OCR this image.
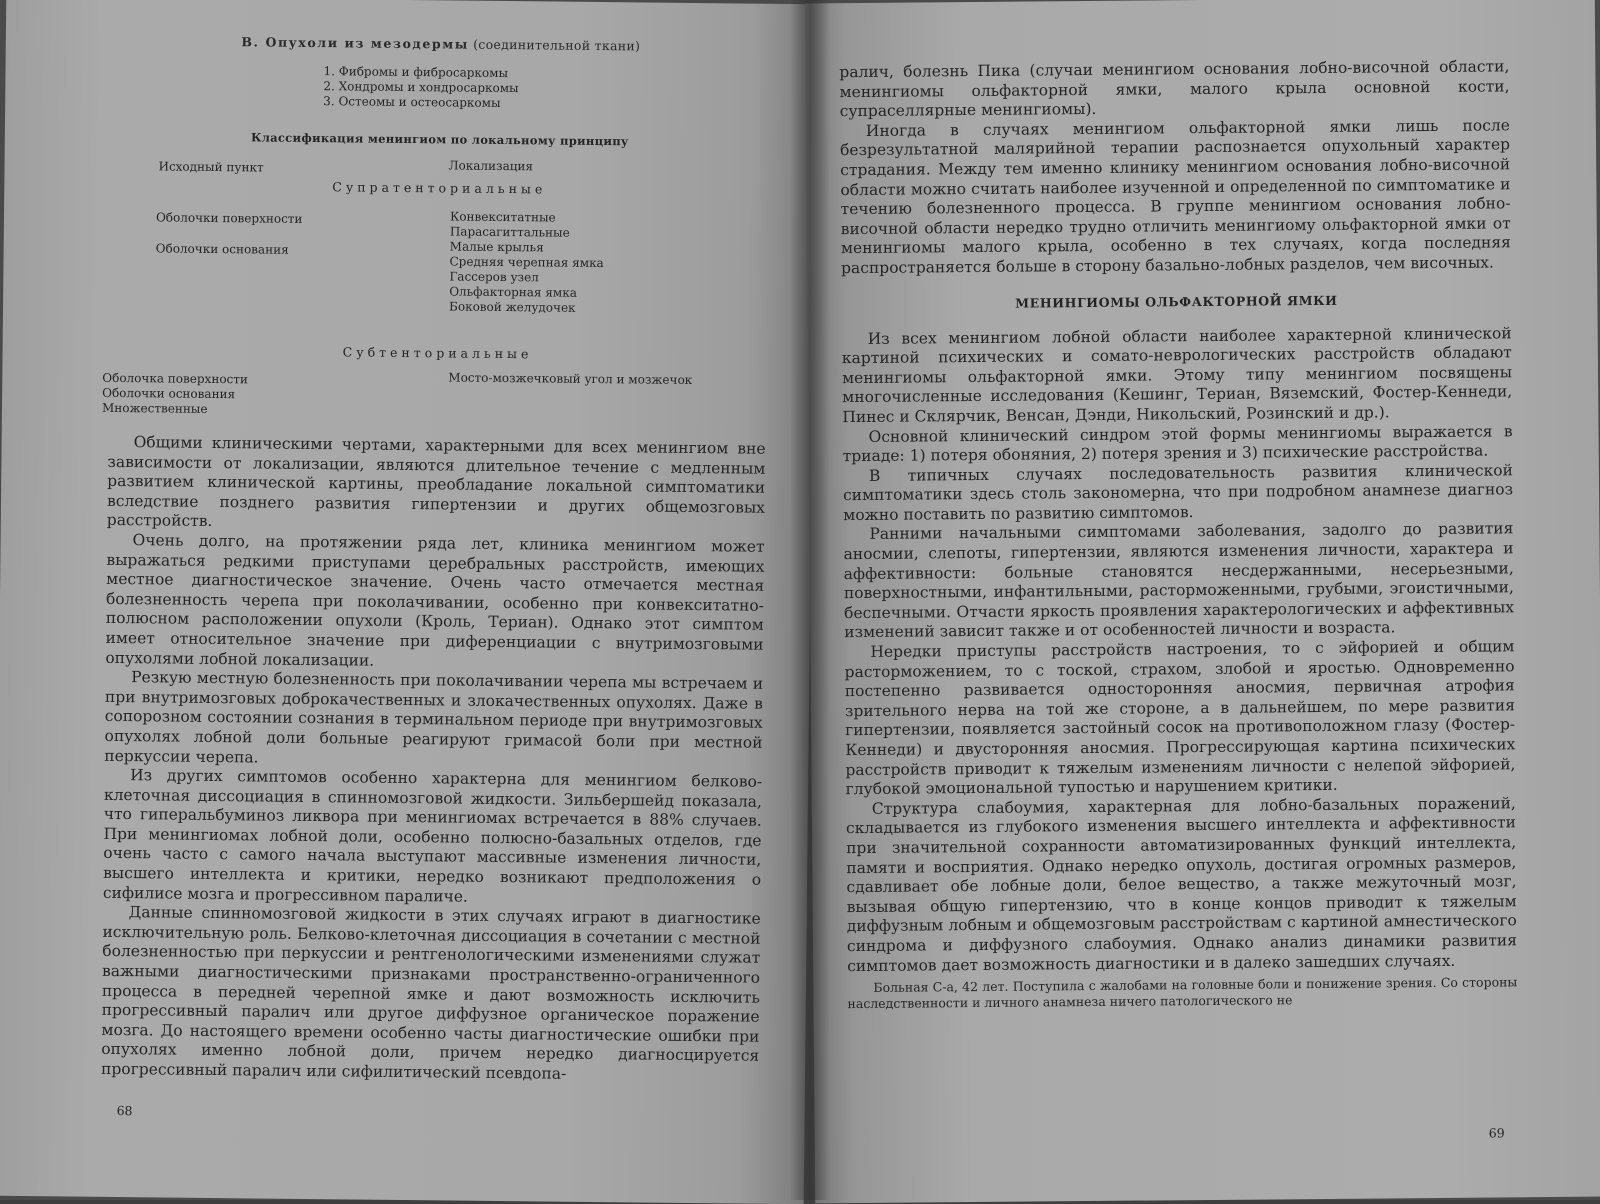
В. Опухоли из мезодермы (соединительной ткани)
1. Фибромы и фибросаркомы
2. Хондромы и хондросаркомы
3. Остеомы и остеосаркомы
Классификация менингиом по локальному принципу
Исходный пункт	Локализация
Супратенториальные
Оболочки поверхности
Оболочки основания
Конвекситатные
Парасагиттальные
Малые крылья
Средняя черепная ямка
Гассеров узел
Ольфакторная ямка
Боковой желудочек
Субтенториальные
Оболочка поверхности
Оболочки основания
Множественные
Мосто-мозжечковый угол и мозжечок

Общими клиническими чертами, характерными для всех менингиом вне зависимости от локализации, являются длительное течение с медленным развитием клинической картины, преобладание локальной симптоматики вследствие позднего развития гипертензии и других общемозговых расстройств.

Очень долго, на протяжении ряда лет, клиника менингиом может выражаться редкими приступами церебральных расстройств, имеющих местное диагностическое значение. Очень часто отмечается местная болезненность черепа при поколачивании, особенно при конвекситатно-полюсном расположении опухоли (Кроль, Териан). Однако этот симптом имеет относительное значение при диференциации с внутримозговыми опухолями лобной локализации.

Резкую местную болезненность при поколачивании черепа мы встречаем и при внутримозговых доброкачественных и злокачественных опухолях. Даже в сопорозном состоянии сознания в терминальном периоде при внутримозговых опухолях лобной доли больные реагируют гримасой боли при местной перкуссии черепа.

Из других симптомов особенно характерна для менингиом белково-клеточная диссоциация в спинномозговой жидкости. Зильбершейд показала, что гиперальбуминоз ликвора при менингиомах встречается в 88% случаев. При менингиомах лобной доли, особенно полюсно-базальных отделов, где очень часто с самого начала выступают массивные изменения личности, высшего интеллекта и критики, нередко возникают предположения о сифилисе мозга и прогрессивном параличе.

Данные спинномозговой жидкости в этих случаях играют в диагностике исключительную роль. Белково-клеточная диссоциация в сочетании с местной болезненностью при перкуссии и рентгенологическими изменениями служат важными диагностическими признаками пространственно-ограниченного процесса в передней черепной ямке и дают возможность исключить прогрессивный паралич или другое диффузное органическое поражение мозга. До настоящего времени особенно часты диагностические ошибки при опухолях именно лобной доли, причем нередко диагносцируется прогрессивный паралич или сифилитический псевдопа-

68

ралич, болезнь Пика (случаи менингиом основания лобно-височной области, менингиомы ольфакторной ямки, малого крыла основной кости, супраселлярные менингиомы).

Иногда в случаях менингиом ольфакторной ямки лишь после безрезультатной малярийной терапии распознается опухольный характер страдания. Между тем именно клинику менингиом основания лобно-височной области можно считать наиболее изученной и определенной по симптоматике и течению болезненного процесса. В группе менингиом основания лобно-височной области нередко трудно отличить менингиому ольфакторной ямки от менингиомы малого крыла, особенно в тех случаях, когда последняя распространяется больше в сторону базально-лобных разделов, чем височных.

МЕНИНГИОМЫ ОЛЬФАКТОРНОЙ ЯМКИ

Из всех менингиом лобной области наиболее характерной клинической картиной психических и сомато-неврологических расстройств обладают менингиомы ольфакторной ямки. Этому типу менингиом посвящены многочисленные исследования (Кешинг, Териан, Вяземский, Фостер-Кеннеди, Пинес и Склярчик, Венсан, Дэнди, Никольский, Розинский и др.).

Основной клинический синдром этой формы менингиомы выражается в триаде: 1) потеря обоняния, 2) потеря зрения и 3) психические расстройства.

В типичных случаях последовательность развития клинической симптоматики здесь столь закономерна, что при подробном анамнезе диагноз можно поставить по развитию симптомов.

Ранними начальными симптомами заболевания, задолго до развития аносмии, слепоты, гипертензии, являются изменения личности, характера и аффективности: больные становятся несдержанными, несерьезными, поверхностными, инфантильными, расторможенными, грубыми, эгоистичными, беспечными. Отчасти яркость проявления характерологических и аффективных изменений зависит также и от особенностей личности и возраста.

Нередки приступы расстройств настроения, то с эйфорией и общим расторможением, то с тоской, страхом, злобой и яростью. Одновременно постепенно развивается односторонняя аносмия, первичная атрофия зрительного нерва на той же стороне, а в дальнейшем, по мере развития гипертензии, появляется застойный сосок на противоположном глазу (Фостер-Кеннеди) и двусторонняя аносмия. Прогрессирующая картина психических расстройств приводит к тяжелым изменениям личности с нелепой эйфорией, глубокой эмоциональной тупостью и нарушением критики.

Структура слабоумия, характерная для лобно-базальных поражений, складывается из глубокого изменения высшего интеллекта и аффективности при значительной сохранности автоматизированных функций интеллекта, памяти и восприятия. Однако нередко опухоль, достигая огромных размеров, сдавливает обе лобные доли, белое вещество, а также межуточный мозг, вызывая общую гипертензию, что в конце концов приводит к тяжелым диффузным лобным и общемозговым расстройствам с картиной амнестического синдрома и диффузного слабоумия. Однако анализ динамики развития симптомов дает возможность диагностики и в далеко зашедших случаях.

Больная С-а, 42 лет. Поступила с жалобами на головные боли и понижение зрения. Со стороны наследственности и личного анамнеза ничего патологического не

69
